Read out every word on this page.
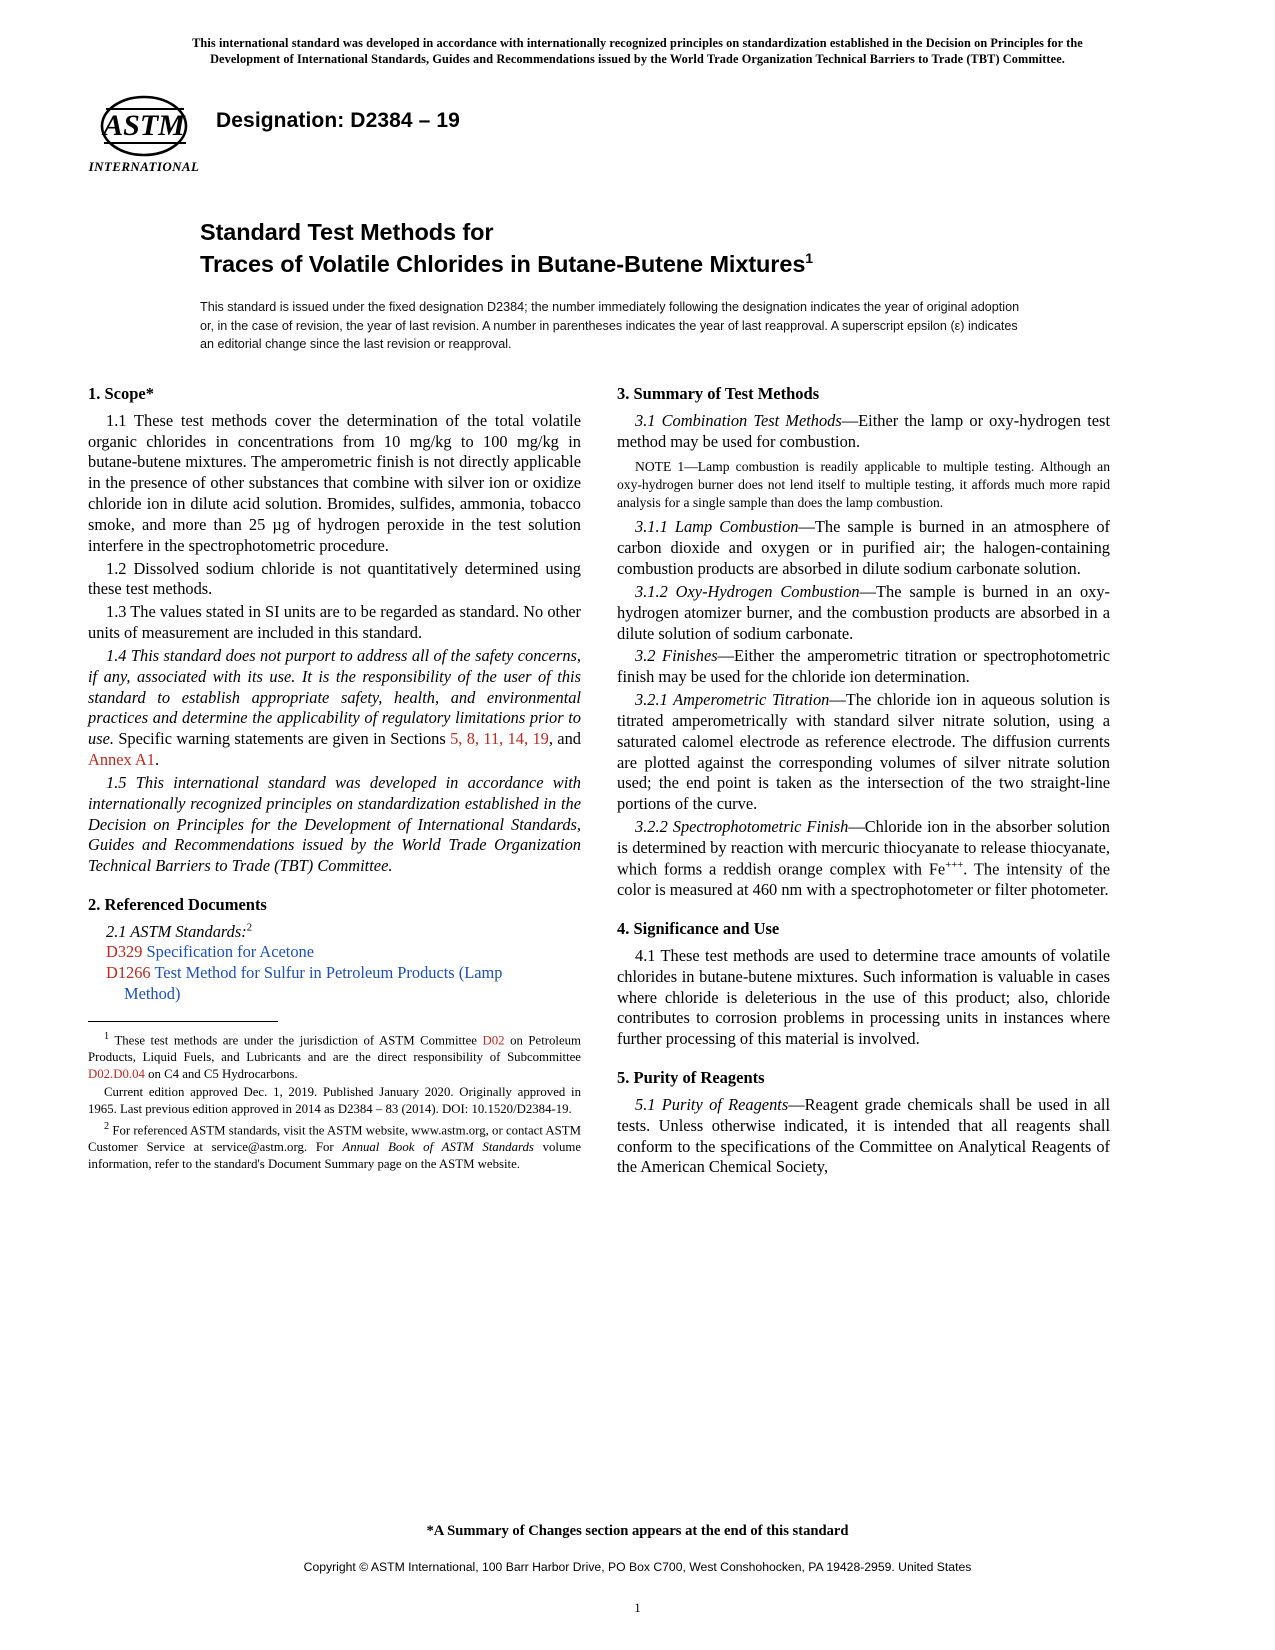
This international standard was developed in accordance with internationally recognized principles on standardization established in the Decision on Principles for the
Development of International Standards, Guides and Recommendations issued by the World Trade Organization Technical Barriers to Trade (TBT) Committee.
ASTM
INTERNATIONAL
Designation: D2384 – 19
Standard Test Methods for
Traces of Volatile Chlorides in Butane-Butene Mixtures$^1$
This standard is issued under the fixed designation D2384; the number immediately following the designation indicates the year of original adoption or, in the case of revision, the year of last revision. A number in parentheses indicates the year of last reapproval. A superscript epsilon (ε) indicates an editorial change since the last revision or reapproval.
1. Scope*

1.1 These test methods cover the determination of the total volatile organic chlorides in concentrations from 10 mg/kg to 100 mg/kg in butane-butene mixtures. The amperometric finish is not directly applicable in the presence of other substances that combine with silver ion or oxidize chloride ion in dilute acid solution. Bromides, sulfides, ammonia, tobacco smoke, and more than 25 µg of hydrogen peroxide in the test solution interfere in the spectrophotometric procedure.

1.2 Dissolved sodium chloride is not quantitatively determined using these test methods.

1.3 The values stated in SI units are to be regarded as standard. No other units of measurement are included in this standard.

1.4 This standard does not purport to address all of the safety concerns, if any, associated with its use. It is the responsibility of the user of this standard to establish appropriate safety, health, and environmental practices and determine the applicability of regulatory limitations prior to use. Specific warning statements are given in Sections 5, 8, 11, 14, 19, and Annex A1.

1.5 This international standard was developed in accordance with internationally recognized principles on standardization established in the Decision on Principles for the Development of International Standards, Guides and Recommendations issued by the World Trade Organization Technical Barriers to Trade (TBT) Committee.

2. Referenced Documents
2.1 ASTM Standards:$^2$
D329 Specification for Acetone
D1266 Test Method for Sulfur in Petroleum Products (Lamp
Method)
$^1$ These test methods are under the jurisdiction of ASTM Committee D02 on Petroleum Products, Liquid Fuels, and Lubricants and are the direct responsibility of Subcommittee D02.D0.04 on C4 and C5 Hydrocarbons.
Current edition approved Dec. 1, 2019. Published January 2020. Originally approved in 1965. Last previous edition approved in 2014 as D2384 – 83 (2014). DOI: 10.1520/D2384-19.
$^2$ For referenced ASTM standards, visit the ASTM website, www.astm.org, or contact ASTM Customer Service at service@astm.org. For Annual Book of ASTM Standards volume information, refer to the standard's Document Summary page on the ASTM website.
3. Summary of Test Methods

3.1 Combination Test Methods—Either the lamp or oxy-hydrogen test method may be used for combustion.

NOTE 1—Lamp combustion is readily applicable to multiple testing. Although an oxy-hydrogen burner does not lend itself to multiple testing, it affords much more rapid analysis for a single sample than does the lamp combustion.

3.1.1 Lamp Combustion—The sample is burned in an atmosphere of carbon dioxide and oxygen or in purified air; the halogen-containing combustion products are absorbed in dilute sodium carbonate solution.

3.1.2 Oxy-Hydrogen Combustion—The sample is burned in an oxy-hydrogen atomizer burner, and the combustion products are absorbed in a dilute solution of sodium carbonate.

3.2 Finishes—Either the amperometric titration or spectrophotometric finish may be used for the chloride ion determination.

3.2.1 Amperometric Titration—The chloride ion in aqueous solution is titrated amperometrically with standard silver nitrate solution, using a saturated calomel electrode as reference electrode. The diffusion currents are plotted against the corresponding volumes of silver nitrate solution used; the end point is taken as the intersection of the two straight-line portions of the curve.

3.2.2 Spectrophotometric Finish—Chloride ion in the absorber solution is determined by reaction with mercuric thiocyanate to release thiocyanate, which forms a reddish orange complex with Fe+++. The intensity of the color is measured at 460 nm with a spectrophotometer or filter photometer.

4. Significance and Use

4.1 These test methods are used to determine trace amounts of volatile chlorides in butane-butene mixtures. Such information is valuable in cases where chloride is deleterious in the use of this product; also, chloride contributes to corrosion problems in processing units in instances where further processing of this material is involved.

5. Purity of Reagents

5.1 Purity of Reagents—Reagent grade chemicals shall be used in all tests. Unless otherwise indicated, it is intended that all reagents shall conform to the specifications of the Committee on Analytical Reagents of the American Chemical Society,

*A Summary of Changes section appears at the end of this standard
Copyright © ASTM International, 100 Barr Harbor Drive, PO Box C700, West Conshohocken, PA 19428-2959. United States
1
